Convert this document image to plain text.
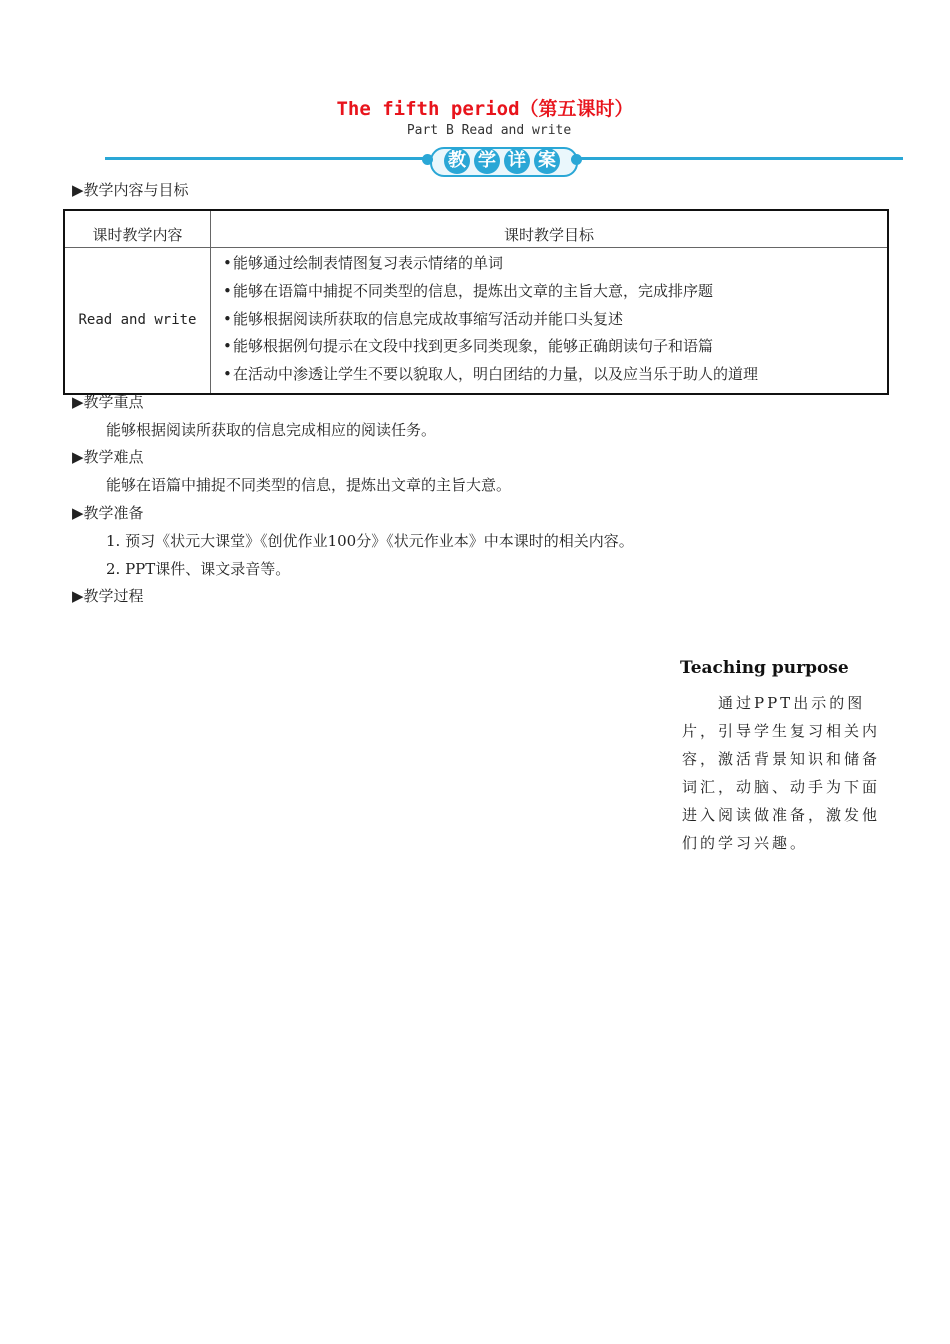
The fifth period（第五课时）
Part B Read and write
教 学 详 案
▶教学内容与目标
课时教学内容	课时教学目标
Read and write	•能够通过绘制表情图复习表示情绪的单词
•能够在语篇中捕捉不同类型的信息，提炼出文章的主旨大意，完成排序题
•能够根据阅读所获取的信息完成故事缩写活动并能口头复述
•能够根据例句提示在文段中找到更多同类现象，能够正确朗读句子和语篇
•在活动中渗透让学生不要以貌取人，明白团结的力量，以及应当乐于助人的道理
▶教学重点
能够根据阅读所获取的信息完成相应的阅读任务。
▶教学难点
能够在语篇中捕捉不同类型的信息，提炼出文章的主旨大意。
▶教学准备
1. 预习《状元大课堂》《创优作业100分》《状元作业本》中本课时的相关内容。
2. PPT课件、课文录音等。
▶教学过程
Teaching purpose
　　通过PPT出示的图片，引导学生复习相关内容，激活背景知识和储备词汇，动脑、动手为下面进入阅读做准备，激发他们的学习兴趣。
